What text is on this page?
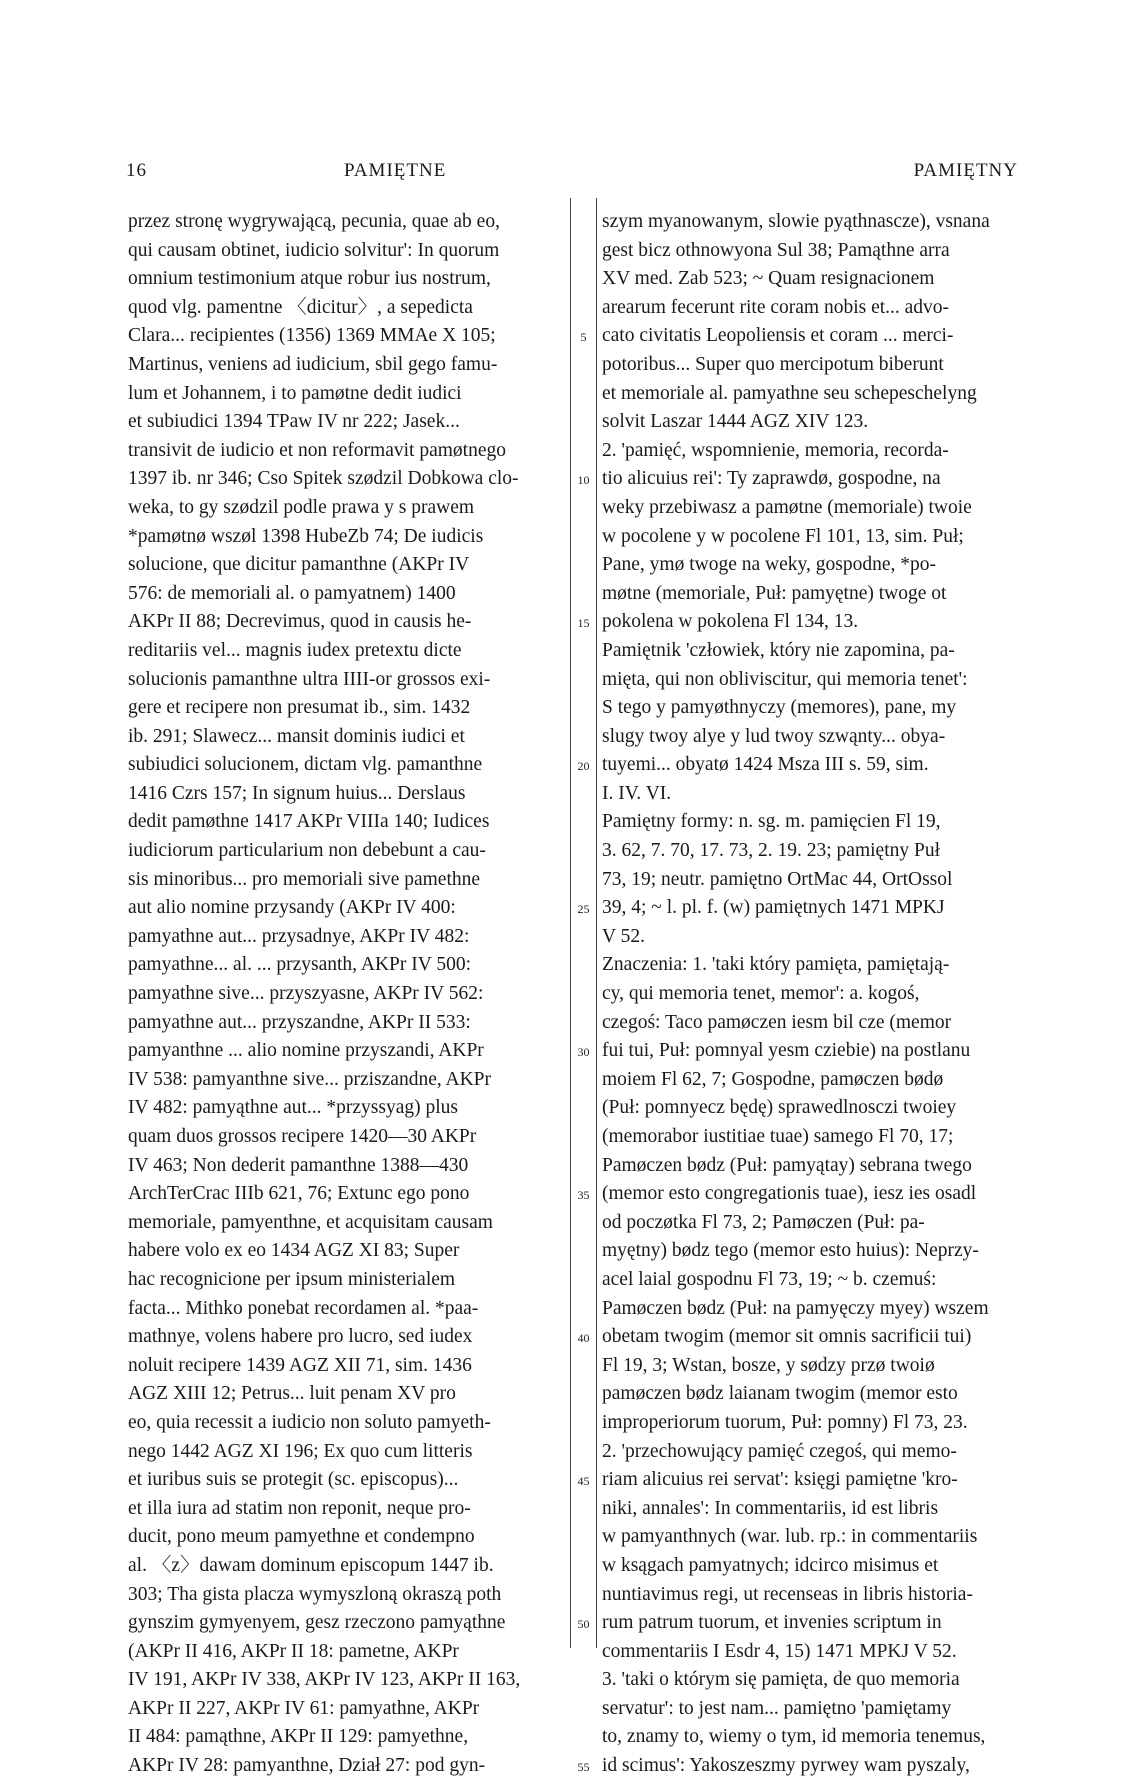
16	PAMIĘTNE	PAMIĘTNY
przez stronę wygrywającą, pecunia, quae ab eo,
qui causam obtinet, iudicio solvitur': In quorum
omnium testimonium atque robur ius nostrum,
quod vlg. pamentne 〈dicitur〉, a sepedicta
Clara... recipientes (1356) 1369 MMAe X 105;
Martinus, veniens ad iudicium, sbil gego famu-
lum et Johannem, i to pamøtne dedit iudici
et subiudici 1394 TPaw IV nr 222; Jasek...
transivit de iudicio et non reformavit pamøtnego
1397 ib. nr 346; Cso Spitek szødzil Dobkowa clo-
weka, to gy szødzil podle prawa y s prawem
*pamøtnø wszøl 1398 HubeZb 74; De iudicis
solucione, que dicitur pamanthne (AKPr IV
576: de memoriali al. o pamyatnem) 1400
AKPr II 88; Decrevimus, quod in causis he-
reditariis vel... magnis iudex pretextu dicte
solucionis pamanthne ultra IIII-or grossos exi-
gere et recipere non presumat ib., sim. 1432
ib. 291; Slawecz... mansit dominis iudici et
subiudici solucionem, dictam vlg. pamanthne
1416 Czrs 157; In signum huius... Derslaus
dedit pamøthne 1417 AKPr VIIIa 140; Iudices
iudiciorum particularium non debebunt a cau-
sis minoribus... pro memoriali sive pamethne
aut alio nomine przysandy (AKPr IV 400:
pamyathne aut... przysadnye, AKPr IV 482:
pamyathne... al. ... przysanth, AKPr IV 500:
pamyathne sive... przyszyasne, AKPr IV 562:
pamyathne aut... przyszandne, AKPr II 533:
pamyanthne ... alio nomine przyszandi, AKPr
IV 538: pamyanthne sive... prziszandne, AKPr
IV 482: pamyąthne aut... *przyssyag) plus
quam duos grossos recipere 1420—30 AKPr
IV 463; Non dederit pamanthne 1388—430
ArchTerCrac IIIb 621, 76; Extunc ego pono
memoriale, pamyenthne, et acquisitam causam
habere volo ex eo 1434 AGZ XI 83; Super
hac recognicione per ipsum ministerialem
facta... Mithko ponebat recordamen al. *paa-
mathnye, volens habere pro lucro, sed iudex
noluit recipere 1439 AGZ XII 71, sim. 1436
AGZ XIII 12; Petrus... luit penam XV pro
eo, quia recessit a iudicio non soluto pamyeth-
nego 1442 AGZ XI 196; Ex quo cum litteris
et iuribus suis se protegit (sc. episcopus)...
et illa iura ad statim non reponit, neque pro-
ducit, pono meum pamyethne et condempno
al. 〈z〉dawam dominum episcopum 1447 ib.
303; Tha gista placza wymyszloną okraszą poth
gynszim gymyenyem, gesz rzeczono pamyąthne
(AKPr II 416, AKPr II 18: pametne, AKPr
IV 191, AKPr IV 338, AKPr IV 123, AKPr II 163,
AKPr II 227, AKPr IV 61: pamyathne, AKPr
II 484: pamąthne, AKPr II 129: pamyethne,
AKPr IV 28: pamyanthne, Dział 27: pod gyn-
5
10
15
20
25
30
35
40
45
50
55
szym myanowanym, slowie pyąthnascze), vsnana
gest bicz othnowyona Sul 38; Pamąthne arra
XV med. Zab 523; ~ Quam resignacionem
arearum fecerunt rite coram nobis et... advo-
cato civitatis Leopoliensis et coram ... merci-
potoribus... Super quo mercipotum biberunt
et memoriale al. pamyathne seu schepeschelyng
solvit Laszar 1444 AGZ XIV 123.
2. 'pamięć, wspomnienie, memoria, recorda-
tio alicuius rei': Ty zaprawdø, gospodne, na
weky przebiwasz a pamøtne (memoriale) twoie
w pocolene y w pocolene Fl 101, 13, sim. Puł;
Pane, ymø twoge na weky, gospodne, *po-
møtne (memoriale, Puł: pamyętne) twoge ot
pokolena w pokolena Fl 134, 13.
Pamiętnik 'człowiek, który nie zapomina, pa-
mięta, qui non obliviscitur, qui memoria tenet':
S tego y pamyøthnyczy (memores), pane, my
slugy twoy alye y lud twoy szwąnty... obya-
tuyemi... obyatø 1424 Msza III s. 59, sim.
I. IV. VI.
Pamiętny formy: n. sg. m. pamięcien Fl 19,
3. 62, 7. 70, 17. 73, 2. 19. 23; pamiętny Puł
73, 19; neutr. pamiętno OrtMac 44, OrtOssol
39, 4; ~ l. pl. f. (w) pamiętnych 1471 MPKJ
V 52.
Znaczenia: 1. 'taki który pamięta, pamiętają-
cy, qui memoria tenet, memor': a. kogoś,
czegoś: Taco pamøczen iesm bil cze (memor
fui tui, Puł: pomnyal yesm cziebie) na postlanu
moiem Fl 62, 7; Gospodne, pamøczen bødø
(Puł: pomnyecz będę) sprawedlnosczi twoiey
(memorabor iustitiae tuae) samego Fl 70, 17;
Pamøczen bødz (Puł: pamyątay) sebrana twego
(memor esto congregationis tuae), iesz ies osadl
od poczøtka Fl 73, 2; Pamøczen (Puł: pa-
myętny) bødz tego (memor esto huius): Neprzy-
acel laial gospodnu Fl 73, 19; ~ b. czemuś:
Pamøczen bødz (Puł: na pamyęczy myey) wszem
obetam twogim (memor sit omnis sacrificii tui)
Fl 19, 3; Wstan, bosze, y sødzy przø twoiø
pamøczen bødz laianam twogim (memor esto
improperiorum tuorum, Puł: pomny) Fl 73, 23.
2. 'przechowujący pamięć czegoś, qui memo-
riam alicuius rei servat': księgi pamiętne 'kro-
niki, annales': In commentariis, id est libris
w pamyanthnych (war. lub. rp.: in commentariis
w ksągach pamyatnych; idcirco misimus et
nuntiavimus regi, ut recenseas in libris historia-
rum patrum tuorum, et invenies scriptum in
commentariis I Esdr 4, 15) 1471 MPKJ V 52.
3. 'taki o którym się pamięta, de quo memoria
servatur': to jest nam... pamiętno 'pamiętamy
to, znamy to, wiemy o tym, id memoria tenemus,
id scimus': Yakoszeszmy pyrwey wam pyszaly,
